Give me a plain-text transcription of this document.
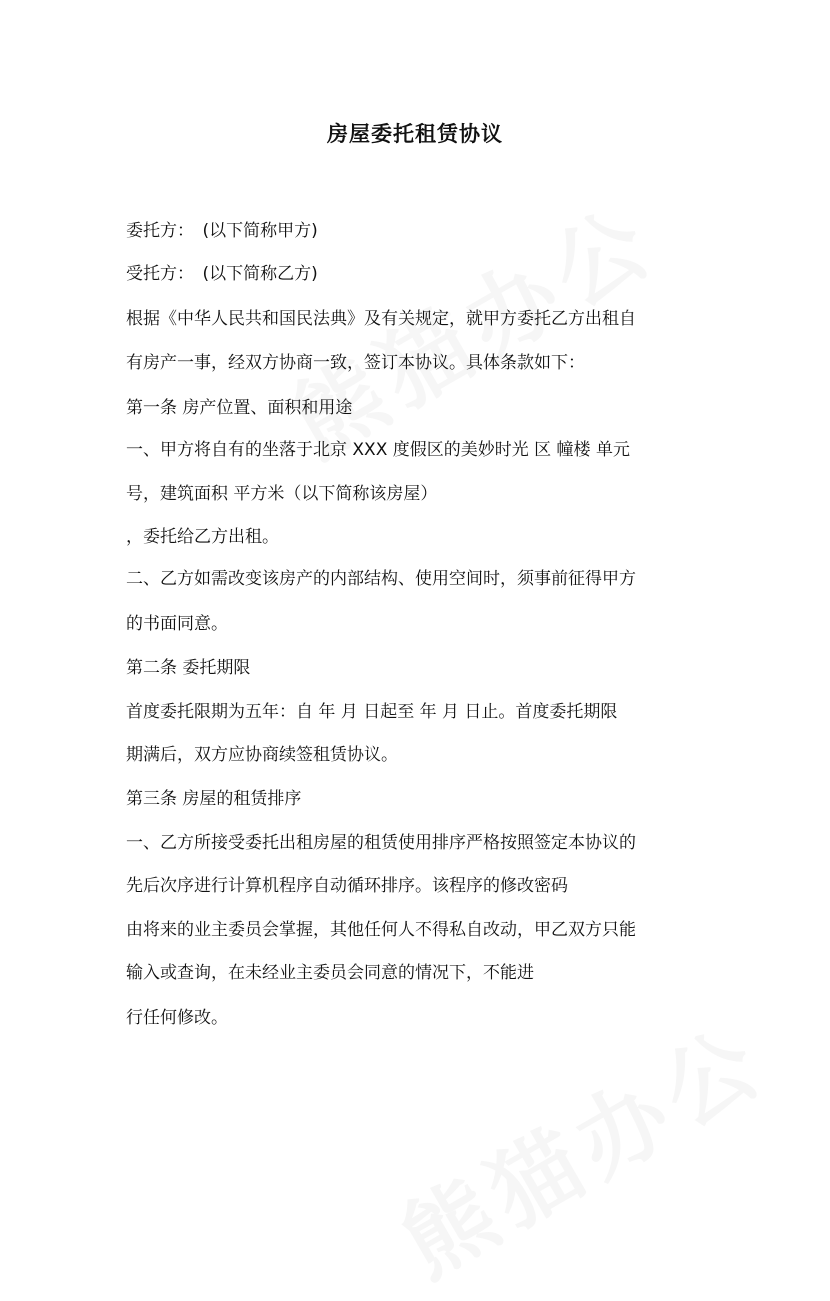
房屋委托租赁协议
委托方：　(以下简称甲方)
受托方：　(以下简称乙方)
根据《中华人民共和国民法典》及有关规定，就甲方委托乙方出租自
有房产一事，经双方协商一致，签订本协议。具体条款如下：
第一条 房产位置、面积和用途
一、甲方将自有的坐落于北京 XXX 度假区的美妙时光 区 幢楼 单元
号，建筑面积 平方米（以下简称该房屋）
，委托给乙方出租。
二、乙方如需改变该房产的内部结构、使用空间时，须事前征得甲方
的书面同意。
第二条 委托期限
首度委托限期为五年：自 年 月 日起至 年 月 日止。首度委托期限
期满后，双方应协商续签租赁协议。
第三条 房屋的租赁排序
一、乙方所接受委托出租房屋的租赁使用排序严格按照签定本协议的
先后次序进行计算机程序自动循环排序。该程序的修改密码
由将来的业主委员会掌握，其他任何人不得私自改动，甲乙双方只能
输入或查询，在未经业主委员会同意的情况下，不能进
行任何修改。
